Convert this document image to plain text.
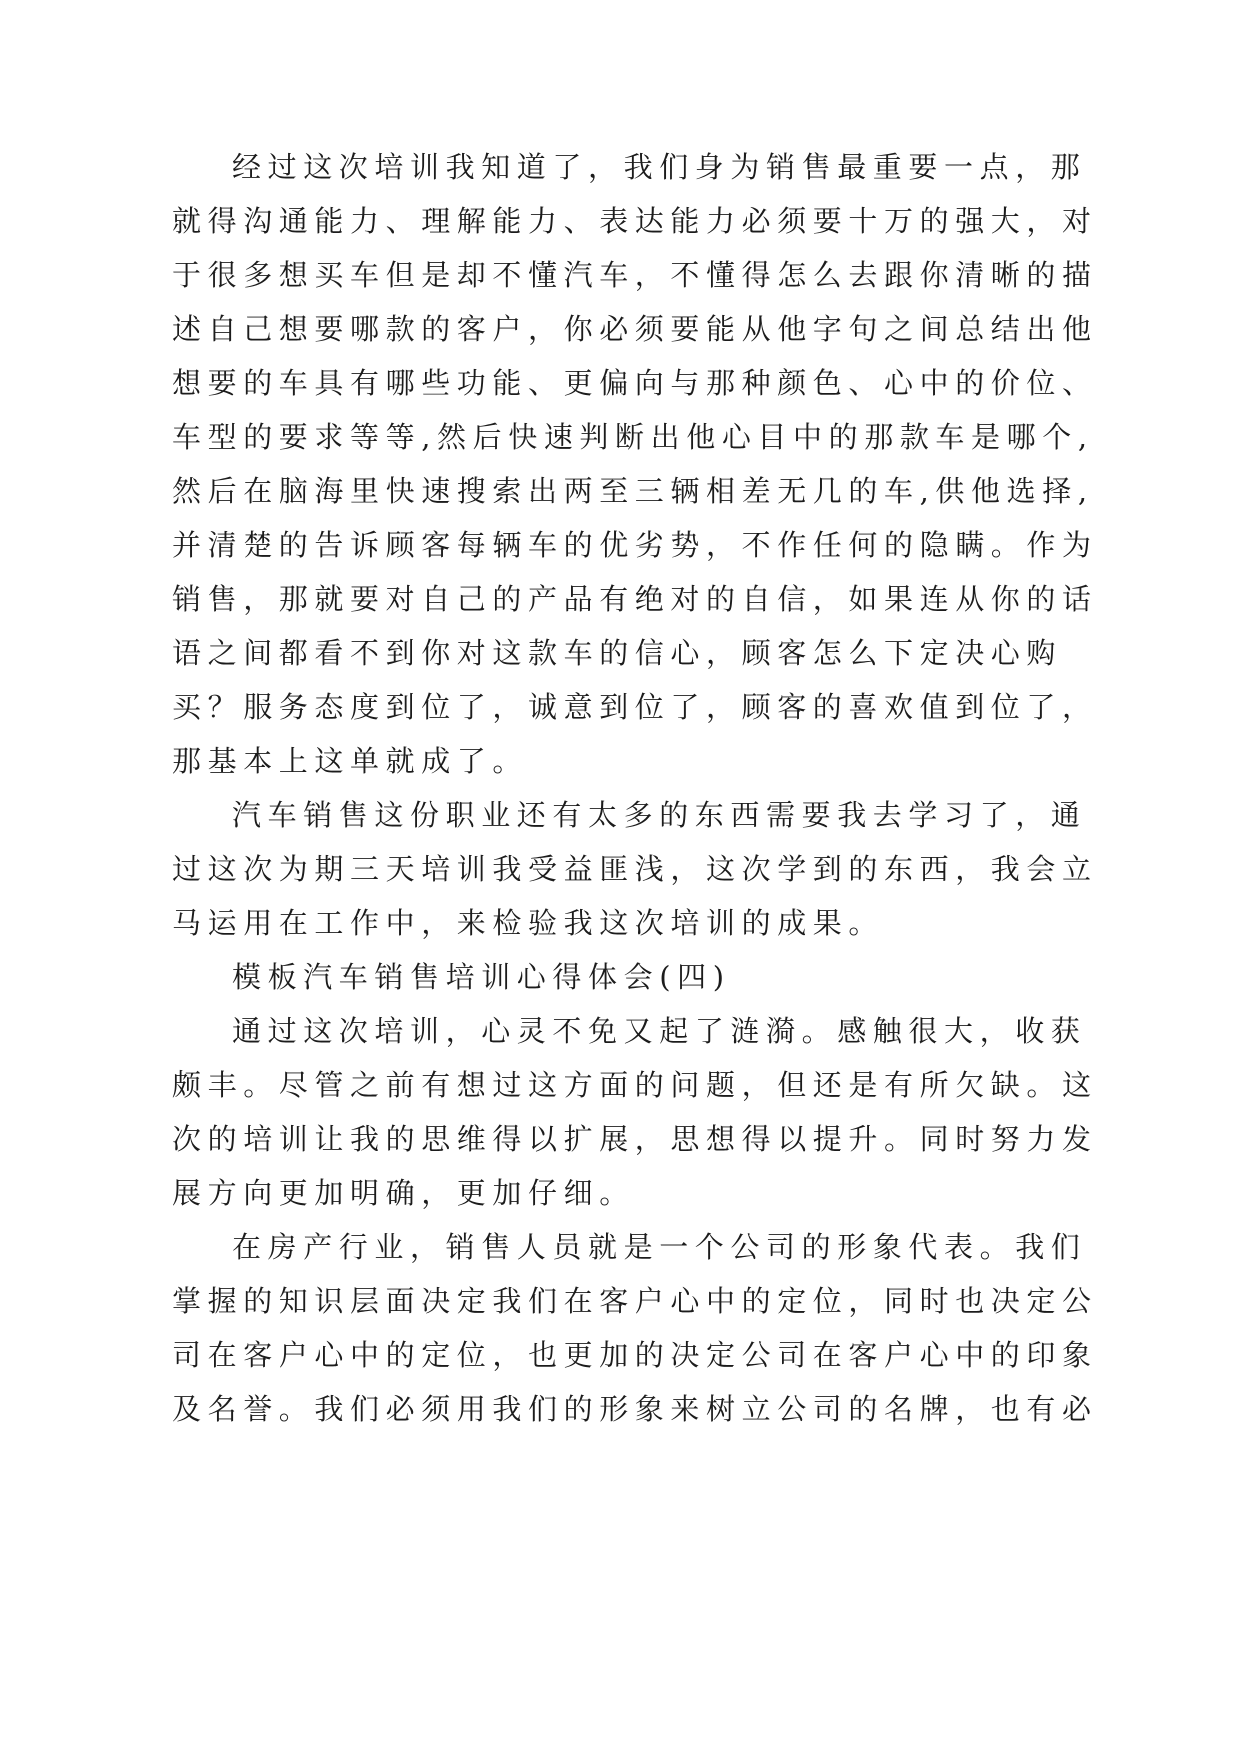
经过这次培训我知道了，我们身为销售最重要一点，那
就得沟通能力、理解能力、表达能力必须要十万的强大，对
于很多想买车但是却不懂汽车，不懂得怎么去跟你清晰的描
述自己想要哪款的客户，你必须要能从他字句之间总结出他
想要的车具有哪些功能、更偏向与那种颜色、心中的价位、
车型的要求等等,然后快速判断出他心目中的那款车是哪个,
然后在脑海里快速搜索出两至三辆相差无几的车,供他选择,
并清楚的告诉顾客每辆车的优劣势，不作任何的隐瞒。作为
销售，那就要对自己的产品有绝对的自信，如果连从你的话
语之间都看不到你对这款车的信心，顾客怎么下定决心购
买？服务态度到位了，诚意到位了，顾客的喜欢值到位了，
那基本上这单就成了。
汽车销售这份职业还有太多的东西需要我去学习了，通
过这次为期三天培训我受益匪浅，这次学到的东西，我会立
马运用在工作中，来检验我这次培训的成果。
模板汽车销售培训心得体会(四)
通过这次培训，心灵不免又起了涟漪。感触很大，收获
颇丰。尽管之前有想过这方面的问题，但还是有所欠缺。这
次的培训让我的思维得以扩展，思想得以提升。同时努力发
展方向更加明确，更加仔细。
在房产行业，销售人员就是一个公司的形象代表。我们
掌握的知识层面决定我们在客户心中的定位，同时也决定公
司在客户心中的定位，也更加的决定公司在客户心中的印象
及名誉。我们必须用我们的形象来树立公司的名牌，也有必
